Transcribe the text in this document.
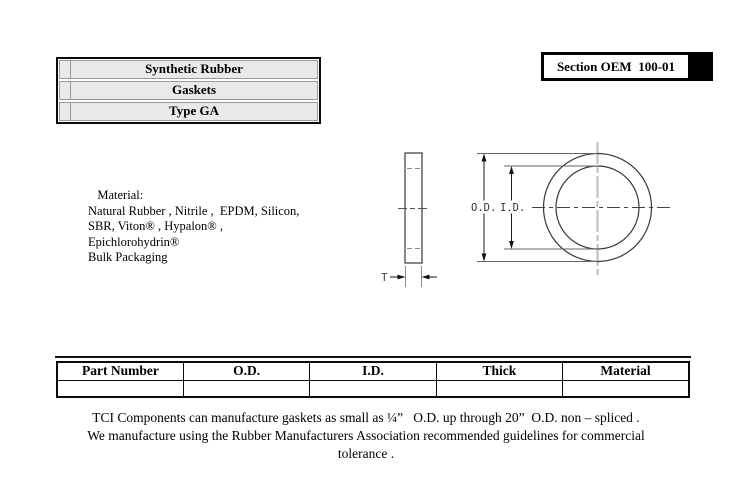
Synthetic Rubber
Gaskets
Type GA
Section OEM  100-01
Material:
Natural Rubber , Nitrile ,  EPDM, Silicon,
SBR, Viton® , Hypalon® ,
Epichlorohydrin®
Bulk Packaging
T
O.D. I.D.
Part Number	O.D.	I.D.	Thick	Material

TCI Components can manufacture gaskets as small as ¼”   O.D. up through 20”  O.D. non – spliced .
We manufacture using the Rubber Manufacturers Association recommended guidelines for commercial
tolerance .
